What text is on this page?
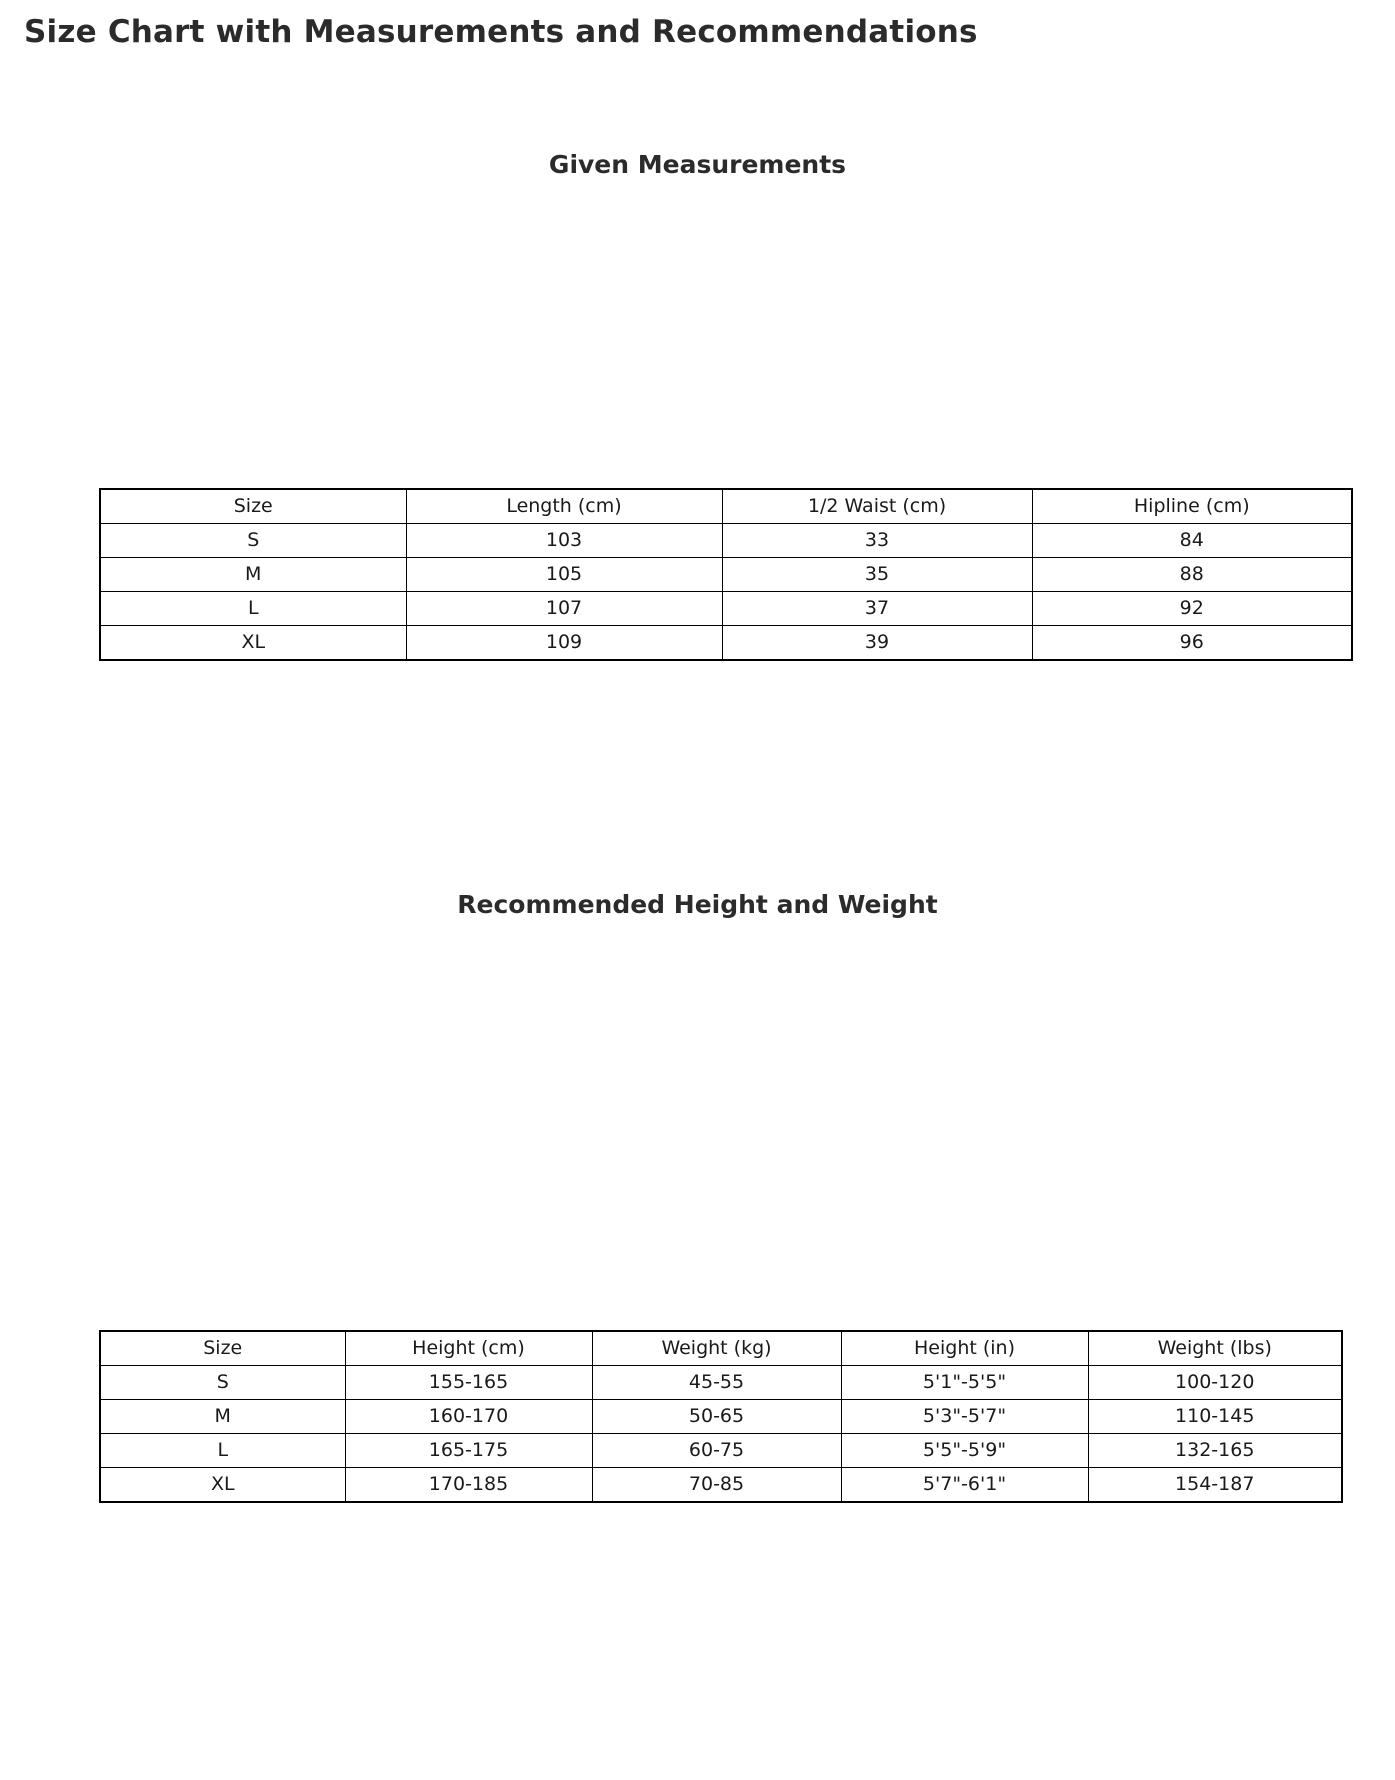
Size Chart with Measurements and Recommendations
Given Measurements
Size	Length (cm)	1/2 Waist (cm)	Hipline (cm)
S	103	33	84
M	105	35	88
L	107	37	92
XL	109	39	96
Recommended Height and Weight
Size	Height (cm)	Weight (kg)	Height (in)	Weight (lbs)
S	155-165	45-55	5'1"-5'5"	100-120
M	160-170	50-65	5'3"-5'7"	110-145
L	165-175	60-75	5'5"-5'9"	132-165
XL	170-185	70-85	5'7"-6'1"	154-187
